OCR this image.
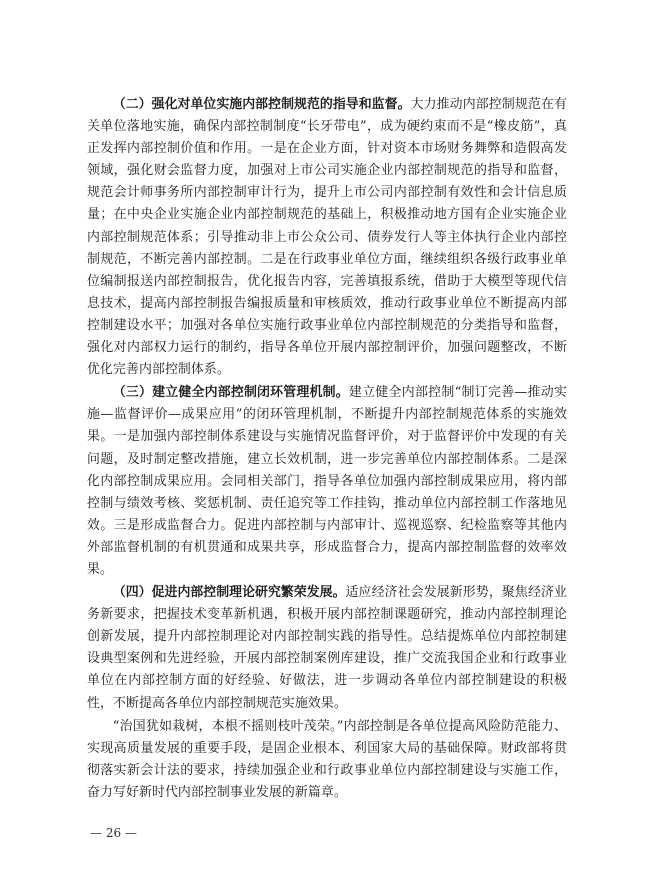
（二）强化对单位实施内部控制规范的指导和监督。大力推动内部控制规范在有关单位落地实施，确保内部控制制度“长牙带电”，成为硬约束而不是“橡皮筋”，真正发挥内部控制价值和作用。一是在企业方面，针对资本市场财务舞弊和造假高发领域，强化财会监督力度，加强对上市公司实施企业内部控制规范的指导和监督，规范会计师事务所内部控制审计行为，提升上市公司内部控制有效性和会计信息质量；在中央企业实施企业内部控制规范的基础上，积极推动地方国有企业实施企业内部控制规范体系；引导推动非上市公众公司、债券发行人等主体执行企业内部控制规范，不断完善内部控制。二是在行政事业单位方面，继续组织各级行政事业单位编制报送内部控制报告，优化报告内容，完善填报系统，借助于大模型等现代信息技术，提高内部控制报告编报质量和审核质效，推动行政事业单位不断提高内部控制建设水平；加强对各单位实施行政事业单位内部控制规范的分类指导和监督，强化对内部权力运行的制约，指导各单位开展内部控制评价，加强问题整改，不断优化完善内部控制体系。

（三）建立健全内部控制闭环管理机制。建立健全内部控制“制订完善—推动实施—监督评价—成果应用”的闭环管理机制，不断提升内部控制规范体系的实施效果。一是加强内部控制体系建设与实施情况监督评价，对于监督评价中发现的有关问题，及时制定整改措施，建立长效机制，进一步完善单位内部控制体系。二是深化内部控制成果应用。会同相关部门，指导各单位加强内部控制成果应用，将内部控制与绩效考核、奖惩机制、责任追究等工作挂钩，推动单位内部控制工作落地见效。三是形成监督合力。促进内部控制与内部审计、巡视巡察、纪检监察等其他内外部监督机制的有机贯通和成果共享，形成监督合力，提高内部控制监督的效率效果。

（四）促进内部控制理论研究繁荣发展。适应经济社会发展新形势，聚焦经济业务新要求，把握技术变革新机遇，积极开展内部控制课题研究，推动内部控制理论创新发展，提升内部控制理论对内部控制实践的指导性。总结提炼单位内部控制建设典型案例和先进经验，开展内部控制案例库建设，推广交流我国企业和行政事业单位在内部控制方面的好经验、好做法，进一步调动各单位内部控制建设的积极性，不断提高各单位内部控制规范实施效果。

“治国犹如栽树，本根不摇则枝叶茂荣。”内部控制是各单位提高风险防范能力、实现高质量发展的重要手段，是固企业根本、利国家大局的基础保障。财政部将贯彻落实新会计法的要求，持续加强企业和行政事业单位内部控制建设与实施工作，奋力写好新时代内部控制事业发展的新篇章。

— 26 —
